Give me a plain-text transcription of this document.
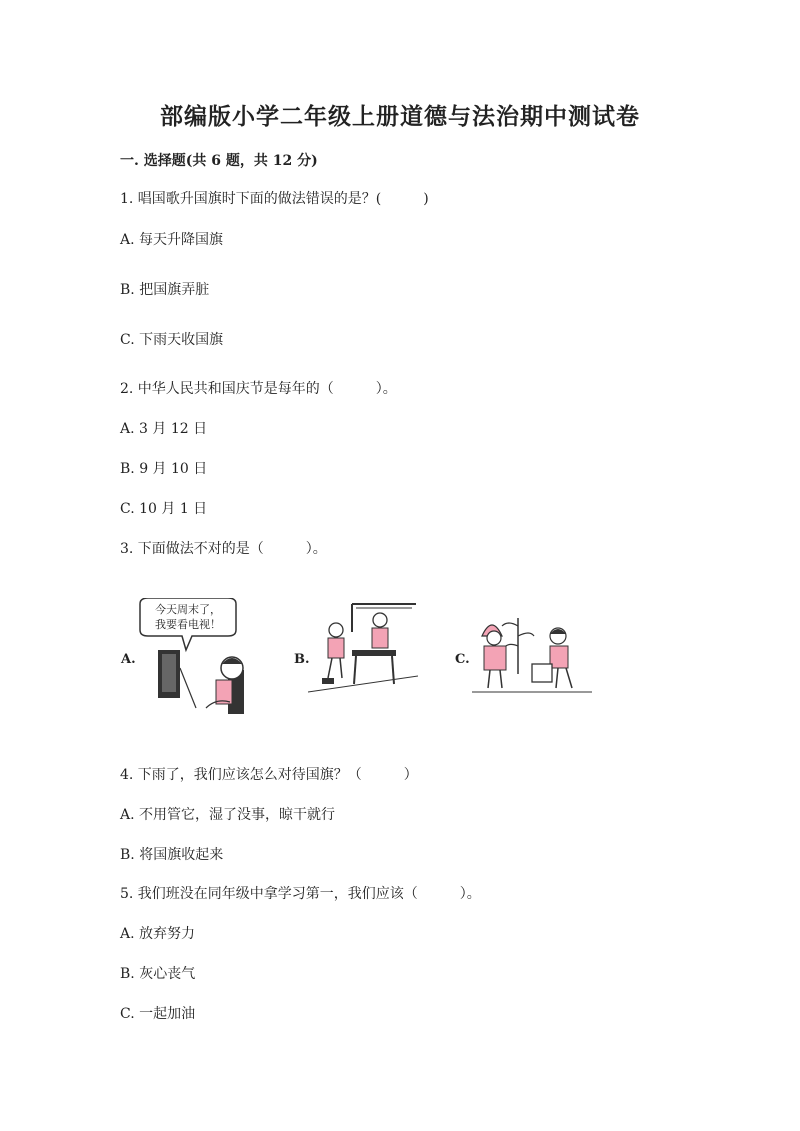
部编版小学二年级上册道德与法治期中测试卷
一. 选择题(共 6 题，共 12 分)
1. 唱国歌升国旗时下面的做法错误的是？(　　　)
A. 每天升降国旗
B. 把国旗弄脏
C. 下雨天收国旗
2. 中华人民共和国庆节是每年的（　　　）。
A. 3 月 12 日
B. 9 月 10 日
C. 10 月 1 日
3. 下面做法不对的是（　　　）。
A.
今天周末了，
我要看电视！
B.	C.
4. 下雨了，我们应该怎么对待国旗？（　　　）
A. 不用管它，湿了没事，晾干就行
B. 将国旗收起来
5. 我们班没在同年级中拿学习第一，我们应该（　　　）。
A. 放弃努力
B. 灰心丧气
C. 一起加油
